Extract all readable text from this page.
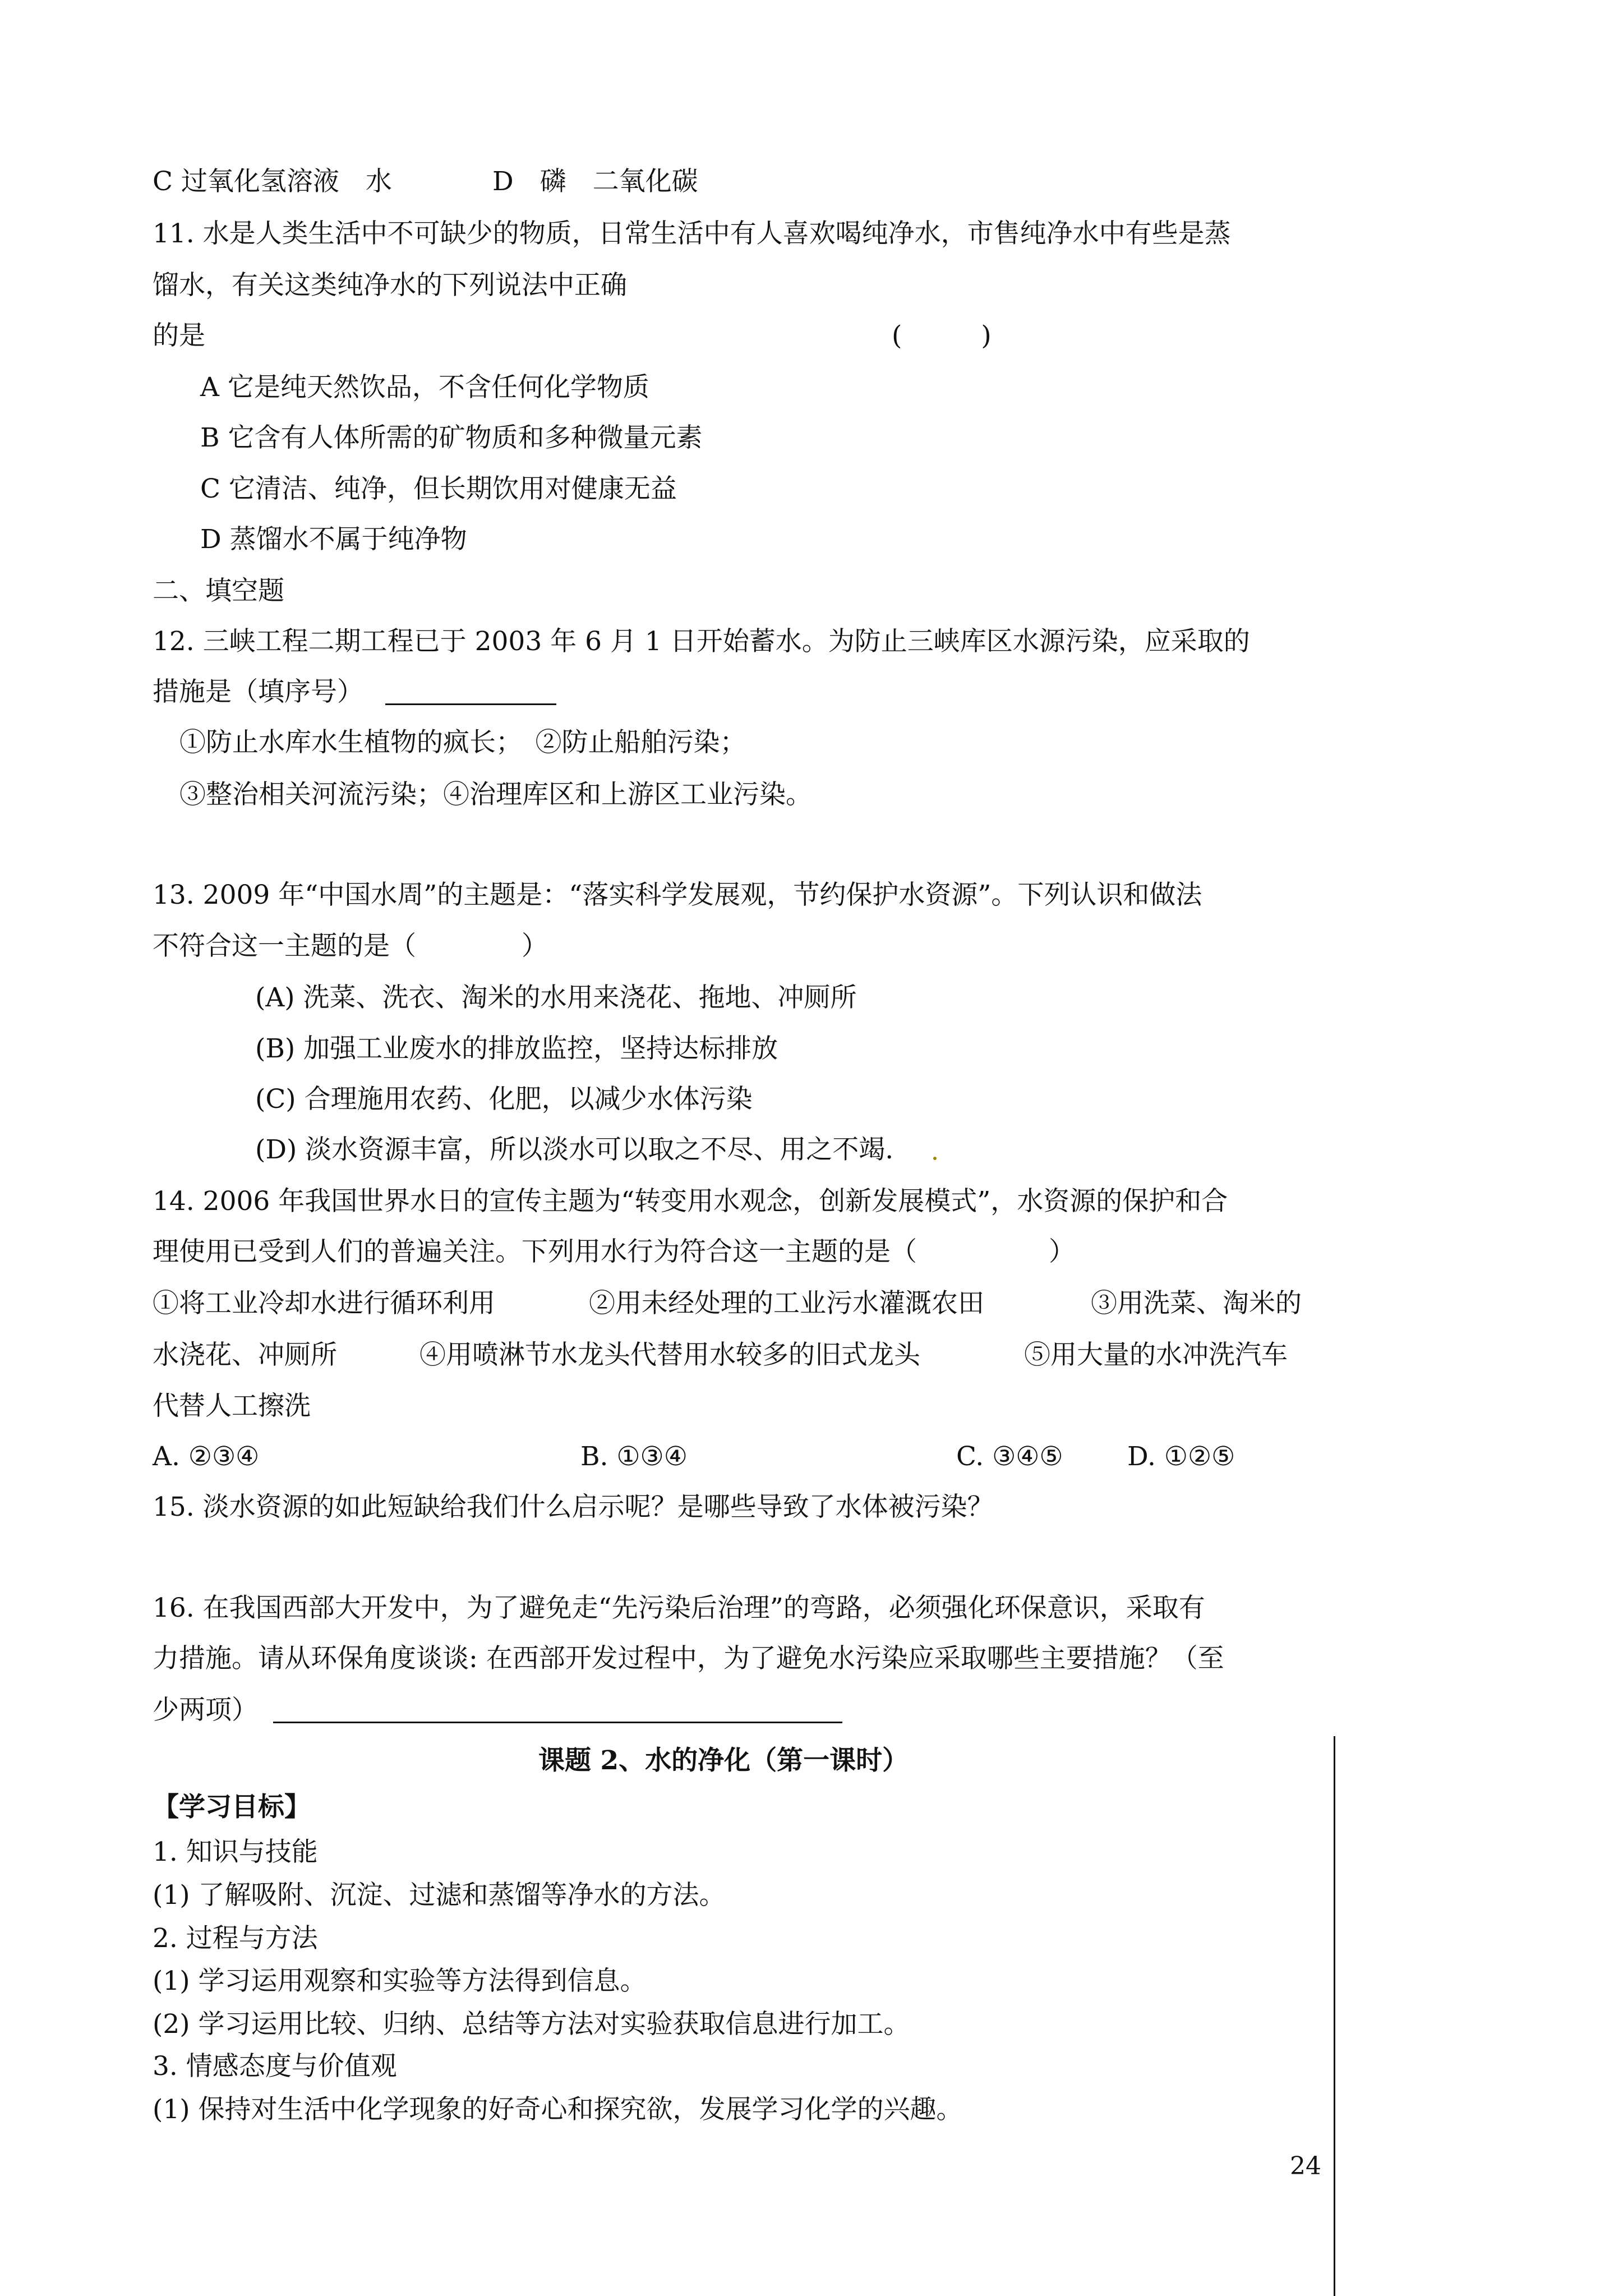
C 过氧化氢溶液　水	D　磷　二氧化碳
11. 水是人类生活中不可缺少的物质，日常生活中有人喜欢喝纯净水，市售纯净水中有些是蒸
馏水，有关这类纯净水的下列说法中正确
的是	(　　　)
A 它是纯天然饮品，不含任何化学物质
B 它含有人体所需的矿物质和多种微量元素
C 它清洁、纯净，但长期饮用对健康无益
D 蒸馏水不属于纯净物
二、填空题
12. 三峡工程二期工程已于 2003 年 6 月 1 日开始蓄水。为防止三峡库区水源污染，应采取的
措施是（填序号）
①防止水库水生植物的疯长；　②防止船舶污染；
③整治相关河流污染；④治理库区和上游区工业污染。
13. 2009 年“中国水周”的主题是：“落实科学发展观，节约保护水资源”。下列认识和做法
不符合这一主题的是（　　　　）
(A) 洗菜、洗衣、淘米的水用来浇花、拖地、冲厕所
(B) 加强工业废水的排放监控，坚持达标排放
(C) 合理施用农药、化肥，以减少水体污染
(D) 淡水资源丰富，所以淡水可以取之不尽、用之不竭.
14. 2006 年我国世界水日的宣传主题为“转变用水观念，创新发展模式”，水资源的保护和合
理使用已受到人们的普遍关注。下列用水行为符合这一主题的是（　　　　　）
①将工业冷却水进行循环利用	②用未经处理的工业污水灌溉农田	③用洗菜、淘米的
水浇花、冲厕所	④用喷淋节水龙头代替用水较多的旧式龙头	⑤用大量的水冲洗汽车
代替人工擦洗
A. ②③④	B. ①③④	C. ③④⑤ D. ①②⑤
15. 淡水资源的如此短缺给我们什么启示呢？是哪些导致了水体被污染？
16. 在我国西部大开发中，为了避免走“先污染后治理”的弯路，必须强化环保意识，采取有
力措施。请从环保角度谈谈: 在西部开发过程中，为了避免水污染应采取哪些主要措施？（至
少两项）
课题 2、水的净化（第一课时）
【学习目标】
1. 知识与技能
(1) 了解吸附、沉淀、过滤和蒸馏等净水的方法。
2. 过程与方法
(1) 学习运用观察和实验等方法得到信息。
(2) 学习运用比较、归纳、总结等方法对实验获取信息进行加工。
3. 情感态度与价值观
(1) 保持对生活中化学现象的好奇心和探究欲，发展学习化学的兴趣。
24
